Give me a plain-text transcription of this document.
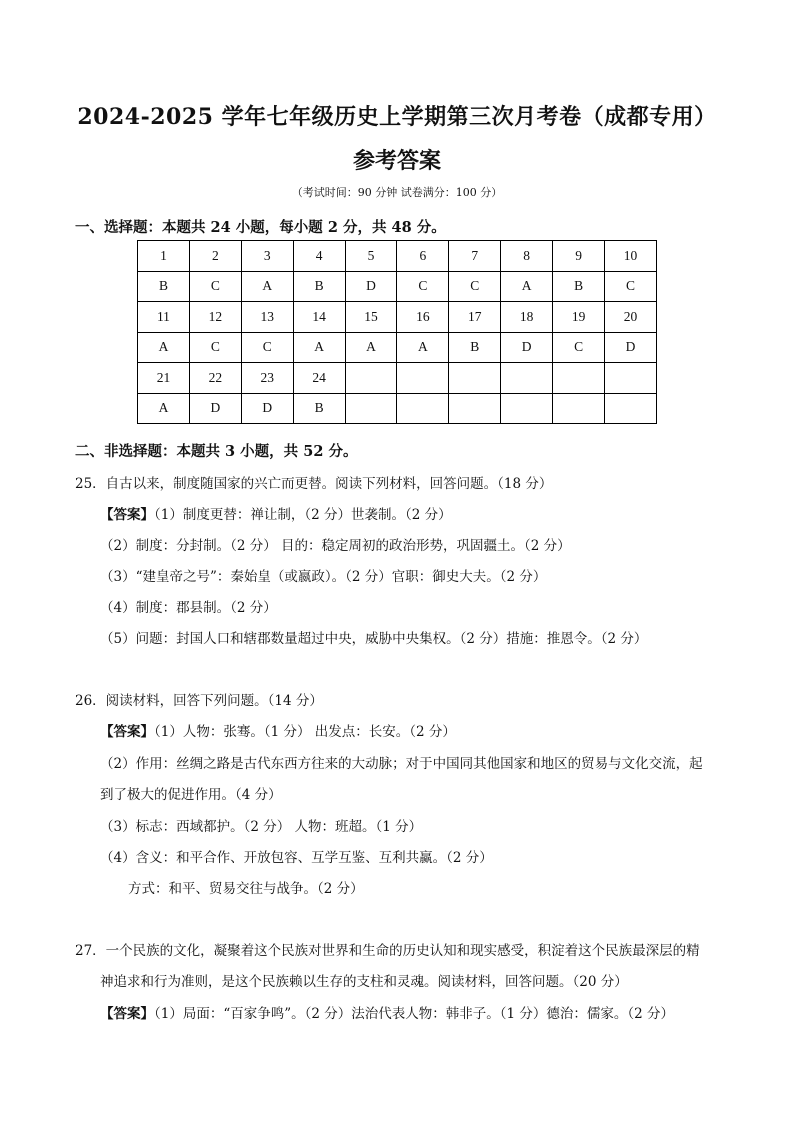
2024-2025 学年七年级历史上学期第三次月考卷（成都专用）
参考答案
（考试时间：90 分钟 试卷满分：100 分）
一、选择题：本题共 24 小题，每小题 2 分，共 48 分。
1	2	3	4	5	6	7	8	9	10
B	C	A	B	D	C	C	A	B	C
11	12	13	14	15	16	17	18	19	20
A	C	C	A	A	A	B	D	C	D
21	22	23	24						
A	D	D	B						
二、非选择题：本题共 3 小题，共 52 分。
25．自古以来，制度随国家的兴亡而更替。阅读下列材料，回答问题。（18 分）
【答案】（1）制度更替：禅让制，（2 分）世袭制。（2 分）
（2）制度：分封制。（2 分） 目的：稳定周初的政治形势，巩固疆土。（2 分）
（3）“建皇帝之号”：秦始皇（或嬴政）。（2 分）官职：御史大夫。（2 分）
（4）制度：郡县制。（2 分）
（5）问题：封国人口和辖郡数量超过中央，威胁中央集权。（2 分）措施：推恩令。（2 分）
26．阅读材料，回答下列问题。（14 分）
【答案】（1）人物：张骞。（1 分） 出发点：长安。（2 分）
（2）作用：丝绸之路是古代东西方往来的大动脉；对于中国同其他国家和地区的贸易与文化交流，起
到了极大的促进作用。（4 分）
（3）标志：西域都护。（2 分） 人物：班超。（1 分）
（4）含义：和平合作、开放包容、互学互鉴、互利共赢。（2 分）
方式：和平、贸易交往与战争。（2 分）
27．一个民族的文化，凝聚着这个民族对世界和生命的历史认知和现实感受，积淀着这个民族最深层的精
神追求和行为准则，是这个民族赖以生存的支柱和灵魂。阅读材料，回答问题。（20 分）
【答案】（1）局面：“百家争鸣”。（2 分）法治代表人物：韩非子。（1 分）德治：儒家。（2 分）
